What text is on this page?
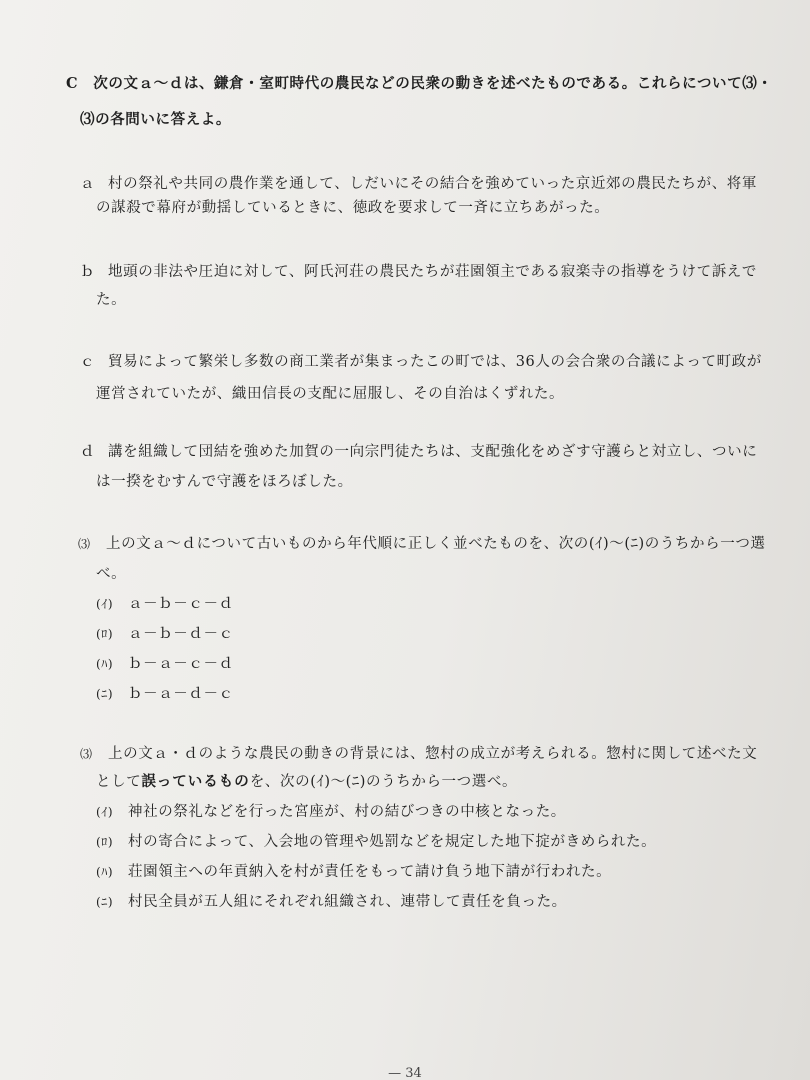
C　次の文ａ～ｄは、鎌倉・室町時代の農民などの民衆の動きを述べたものである。これらについて⑶・
⑶の各問いに答えよ。
ａ 村の祭礼や共同の農作業を通して、しだいにその結合を強めていった京近郊の農民たちが、将軍
の謀殺で幕府が動揺しているときに、徳政を要求して一斉に立ちあがった。
ｂ 地頭の非法や圧迫に対して、阿氏河荘の農民たちが荘園領主である寂楽寺の指導をうけて訴えで
た。
ｃ 貿易によって繁栄し多数の商工業者が集まったこの町では、36人の会合衆の合議によって町政が
運営されていたが、織田信長の支配に屈服し、その自治はくずれた。
ｄ 講を組織して団結を強めた加賀の一向宗門徒たちは、支配強化をめざす守護らと対立し、ついに
は一揆をむすんで守護をほろぼした。
⑶ 上の文ａ～ｄについて古いものから年代順に正しく並べたものを、次の(ｲ)～(ﾆ)のうちから一つ選
べ。
(ｲ) ａ－ｂ－ｃ－ｄ
(ﾛ) ａ－ｂ－ｄ－ｃ
(ﾊ) ｂ－ａ－ｃ－ｄ
(ﾆ) ｂ－ａ－ｄ－ｃ
⑶ 上の文ａ・ｄのような農民の動きの背景には、惣村の成立が考えられる。惣村に関して述べた文
として誤っているものを、次の(ｲ)～(ﾆ)のうちから一つ選べ。
(ｲ) 神社の祭礼などを行った宮座が、村の結びつきの中核となった。
(ﾛ) 村の寄合によって、入会地の管理や処罰などを規定した地下掟がきめられた。
(ﾊ) 荘園領主への年貢納入を村が責任をもって請け負う地下請が行われた。
(ﾆ) 村民全員が五人組にそれぞれ組織され、連帯して責任を負った。
— 34
